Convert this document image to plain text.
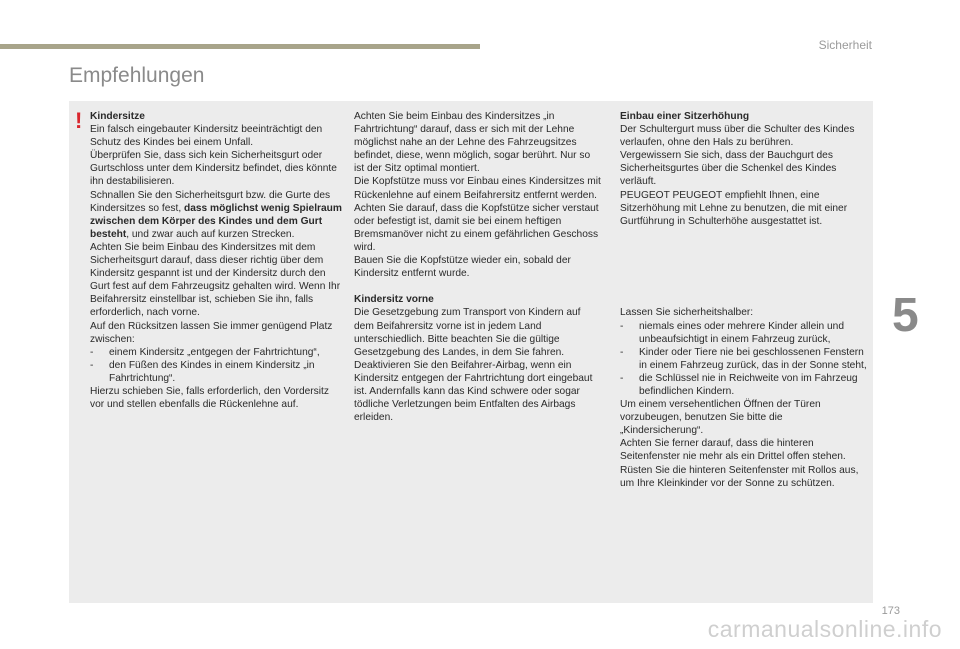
Sicherheit
Empfehlungen
! Kindersitze

Ein falsch eingebauter Kindersitz beeinträchtigt den Schutz des Kindes bei einem Unfall.

Überprüfen Sie, dass sich kein Sicherheitsgurt oder Gurtschloss unter dem Kindersitz befindet, dies könnte ihn destabilisieren.

Schnallen Sie den Sicherheitsgurt bzw. die Gurte des Kindersitzes so fest, dass möglichst wenig Spielraum zwischen dem Körper des Kindes und dem Gurt besteht, und zwar auch auf kurzen Strecken.

Achten Sie beim Einbau des Kindersitzes mit dem Sicherheitsgurt darauf, dass dieser richtig über dem Kindersitz gespannt ist und der Kindersitz durch den Gurt fest auf dem Fahrzeugsitz gehalten wird. Wenn Ihr Beifahrersitz einstellbar ist, schieben Sie ihn, falls erforderlich, nach vorne.

Auf den Rücksitzen lassen Sie immer genügend Platz zwischen:

-	einem Kindersitz „entgegen der Fahrtrichtung“,
-	den Füßen des Kindes in einem Kindersitz „in Fahrtrichtung“.

Hierzu schieben Sie, falls erforderlich, den Vordersitz vor und stellen ebenfalls die Rückenlehne auf.

Achten Sie beim Einbau des Kindersitzes „in Fahrtrichtung“ darauf, dass er sich mit der Lehne möglichst nahe an der Lehne des Fahrzeugsitzes befindet, diese, wenn möglich, sogar berührt. Nur so ist der Sitz optimal montiert.

Die Kopfstütze muss vor Einbau eines Kindersitzes mit Rückenlehne auf einem Beifahrersitz entfernt werden.

Achten Sie darauf, dass die Kopfstütze sicher verstaut oder befestigt ist, damit sie bei einem heftigen Bremsmanöver nicht zu einem gefährlichen Geschoss wird.

Bauen Sie die Kopfstütze wieder ein, sobald der Kindersitz entfernt wurde.

Kindersitz vorne

Die Gesetzgebung zum Transport von Kindern auf dem Beifahrersitz vorne ist in jedem Land unterschiedlich. Bitte beachten Sie die gültige Gesetzgebung des Landes, in dem Sie fahren.

Deaktivieren Sie den Beifahrer-Airbag, wenn ein Kindersitz entgegen der Fahrtrichtung dort eingebaut ist. Andernfalls kann das Kind schwere oder sogar tödliche Verletzungen beim Entfalten des Airbags erleiden.

Einbau einer Sitzerhöhung

Der Schultergurt muss über die Schulter des Kindes verlaufen, ohne den Hals zu berühren.

Vergewissern Sie sich, dass der Bauchgurt des Sicherheitsgurtes über die Schenkel des Kindes verläuft.

PEUGEOT PEUGEOT empfiehlt Ihnen, eine Sitzerhöhung mit Lehne zu benutzen, die mit einer Gurtführung in Schulterhöhe ausgestattet ist.

Lassen Sie sicherheitshalber:

-	niemals eines oder mehrere Kinder allein und unbeaufsichtigt in einem Fahrzeug zurück,
-	Kinder oder Tiere nie bei geschlossenen Fenstern in einem Fahrzeug zurück, das in der Sonne steht,
-	die Schlüssel nie in Reichweite von im Fahrzeug befindlichen Kindern.

Um einem versehentlichen Öffnen der Türen vorzubeugen, benutzen Sie bitte die „Kindersicherung“.

Achten Sie ferner darauf, dass die hinteren Seitenfenster nie mehr als ein Drittel offen stehen.

Rüsten Sie die hinteren Seitenfenster mit Rollos aus, um Ihre Kleinkinder vor der Sonne zu schützen.

5
173
carmanualsonline.info
